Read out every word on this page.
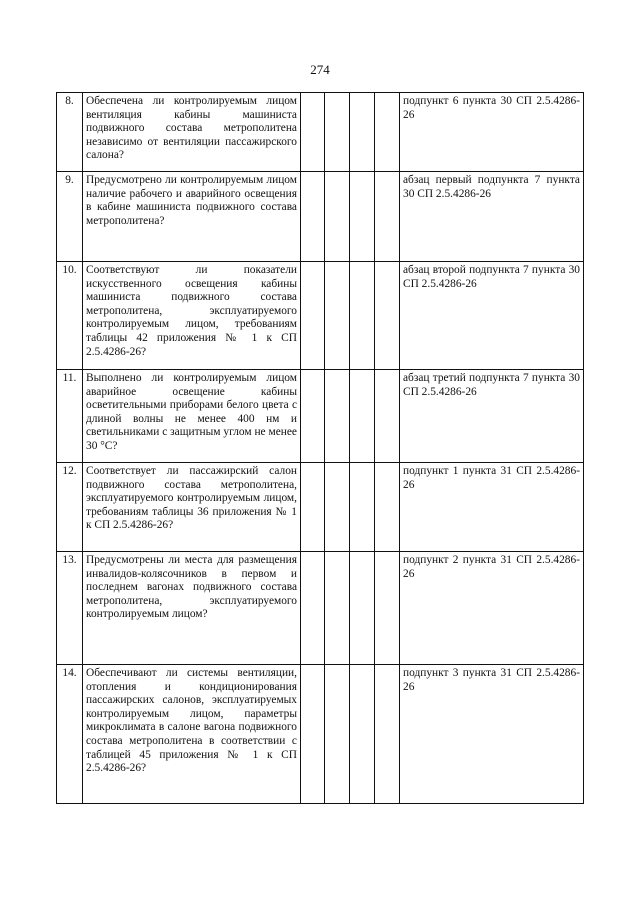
274
8.	Обеспечена ли контролируемым лицом вентиляция кабины машиниста подвижного состава метрополитена независимо от вентиляции пассажирского салона?					подпункт 6 пункта 30 СП 2.5.4286-26
9.	Предусмотрено ли контролируемым лицом наличие рабочего и аварийного освещения в кабине машиниста подвижного состава метрополитена?					абзац первый подпункта 7 пункта 30 СП 2.5.4286-26
10.	Соответствуют ли показатели искусственного освещения кабины машиниста подвижного состава метрополитена, эксплуатируемого контролируемым лицом, требованиям таблицы 42 приложения № 1 к СП 2.5.4286-26?					абзац второй подпункта 7 пункта 30 СП 2.5.4286-26
11.	Выполнено ли контролируемым лицом аварийное освещение кабины осветительными приборами белого цвета с длиной волны не менее 400 нм и светильниками с защитным углом не менее 30 °С?					абзац третий подпункта 7 пункта 30 СП 2.5.4286-26
12.	Соответствует ли пассажирский салон подвижного состава метрополитена, эксплуатируемого контролируемым лицом, требованиям таблицы 36 приложения № 1 к СП 2.5.4286-26?					подпункт 1 пункта 31 СП 2.5.4286-26
13.	Предусмотрены ли места для размещения инвалидов-колясочников в первом и последнем вагонах подвижного состава метрополитена, эксплуатируемого контролируемым лицом?					подпункт 2 пункта 31 СП 2.5.4286-26
14.	Обеспечивают ли системы вентиляции, отопления и кондиционирования пассажирских салонов, эксплуатируемых контролируемым лицом, параметры микроклимата в салоне вагона подвижного состава метрополитена в соответствии с таблицей 45 приложения № 1 к СП 2.5.4286-26?					подпункт 3 пункта 31 СП 2.5.4286-26
